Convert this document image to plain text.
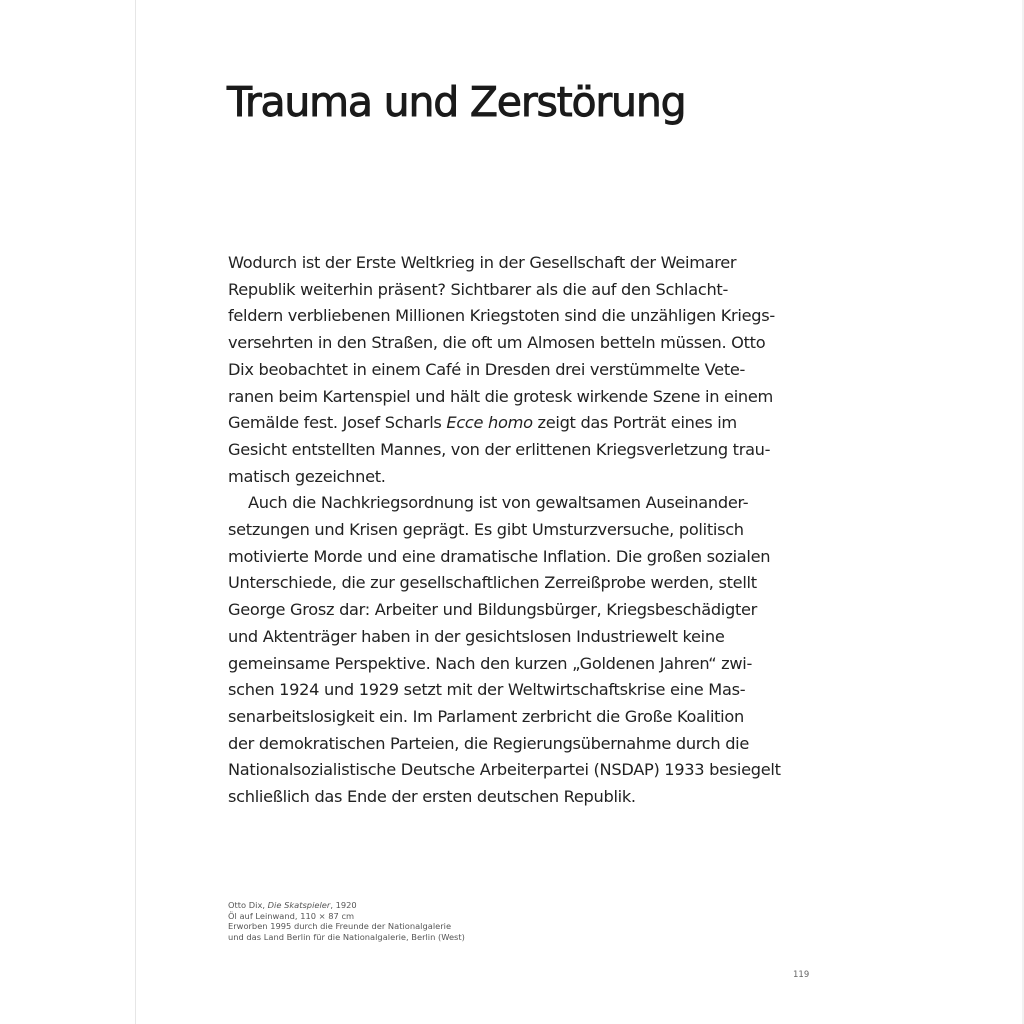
Trauma und Zerstörung
Wodurch ist der Erste Weltkrieg in der Gesellschaft der Weimarer
Republik weiterhin präsent? Sichtbarer als die auf den Schlacht-
feldern verbliebenen Millionen Kriegstoten sind die unzähligen Kriegs-
versehrten in den Straßen, die oft um Almosen betteln müssen. Otto
Dix beobachtet in einem Café in Dresden drei verstümmelte Vete-
ranen beim Kartenspiel und hält die grotesk wirkende Szene in einem
Gemälde fest. Josef Scharls Ecce homo zeigt das Porträt eines im
Gesicht entstellten Mannes, von der erlittenen Kriegsverletzung trau-
matisch gezeichnet.
Auch die Nachkriegsordnung ist von gewaltsamen Auseinander-
setzungen und Krisen geprägt. Es gibt Umsturzversuche, politisch
motivierte Morde und eine dramatische Inflation. Die großen sozialen
Unterschiede, die zur gesellschaftlichen Zerreißprobe werden, stellt
George Grosz dar: Arbeiter und Bildungsbürger, Kriegsbeschädigter
und Aktenträger haben in der gesichtslosen Industriewelt keine
gemeinsame Perspektive. Nach den kurzen „Goldenen Jahren“ zwi-
schen 1924 und 1929 setzt mit der Weltwirtschaftskrise eine Mas-
senarbeitslosigkeit ein. Im Parlament zerbricht die Große Koalition
der demokratischen Parteien, die Regierungsübernahme durch die
Nationalsozialistische Deutsche Arbeiterpartei (NSDAP) 1933 besiegelt
schließlich das Ende der ersten deutschen Republik.
Otto Dix, Die Skatspieler, 1920
Öl auf Leinwand, 110 × 87 cm
Erworben 1995 durch die Freunde der Nationalgalerie
und das Land Berlin für die Nationalgalerie, Berlin (West)
119
